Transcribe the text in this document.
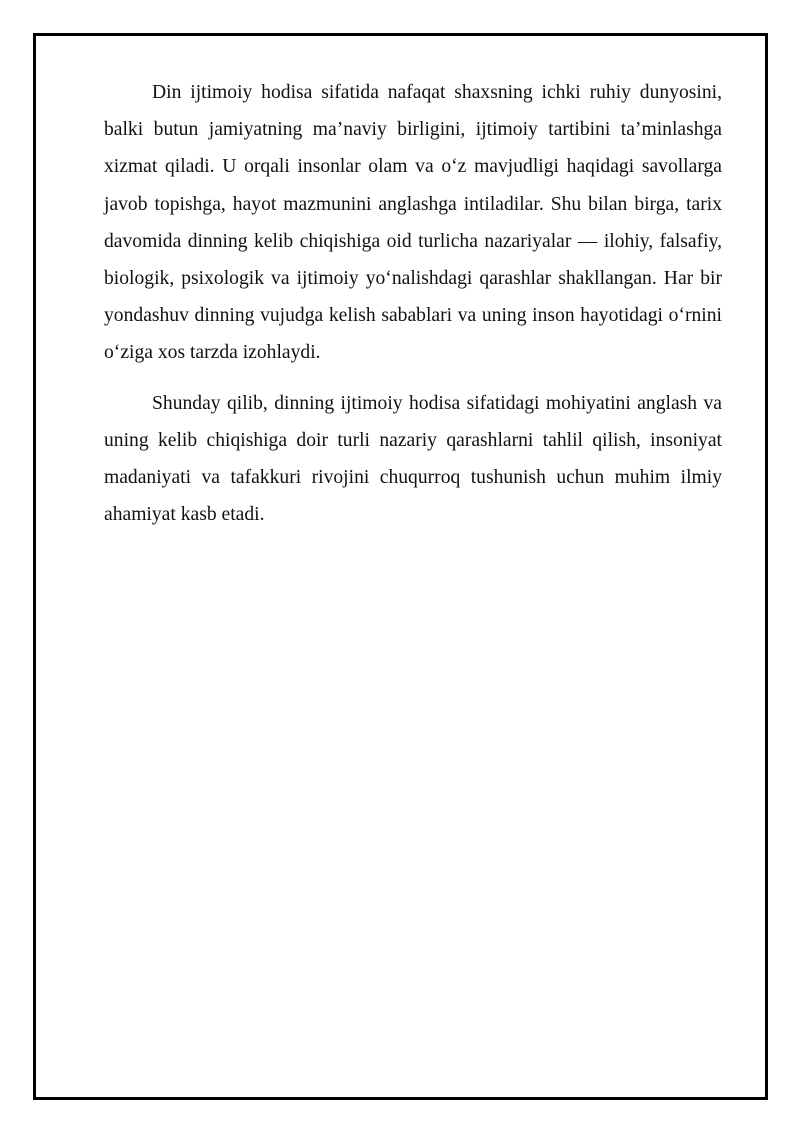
Din ijtimoiy hodisa sifatida nafaqat shaxsning ichki ruhiy dunyosini, balki butun jamiyatning ma’naviy birligini, ijtimoiy tartibini ta’minlashga xizmat qiladi. U orqali insonlar olam va o‘z mavjudligi haqidagi savollarga javob topishga, hayot mazmunini anglashga intiladilar. Shu bilan birga, tarix davomida dinning kelib chiqishiga oid turlicha nazariyalar — ilohiy, falsafiy, biologik, psixologik va ijtimoiy yo‘nalishdagi qarashlar shakllangan. Har bir yondashuv dinning vujudga kelish sabablari va uning inson hayotidagi o‘rnini o‘ziga xos tarzda izohlaydi.

Shunday qilib, dinning ijtimoiy hodisa sifatidagi mohiyatini anglash va uning kelib chiqishiga doir turli nazariy qarashlarni tahlil qilish, insoniyat madaniyati va tafakkuri rivojini chuqurroq tushunish uchun muhim ilmiy ahamiyat kasb etadi.
